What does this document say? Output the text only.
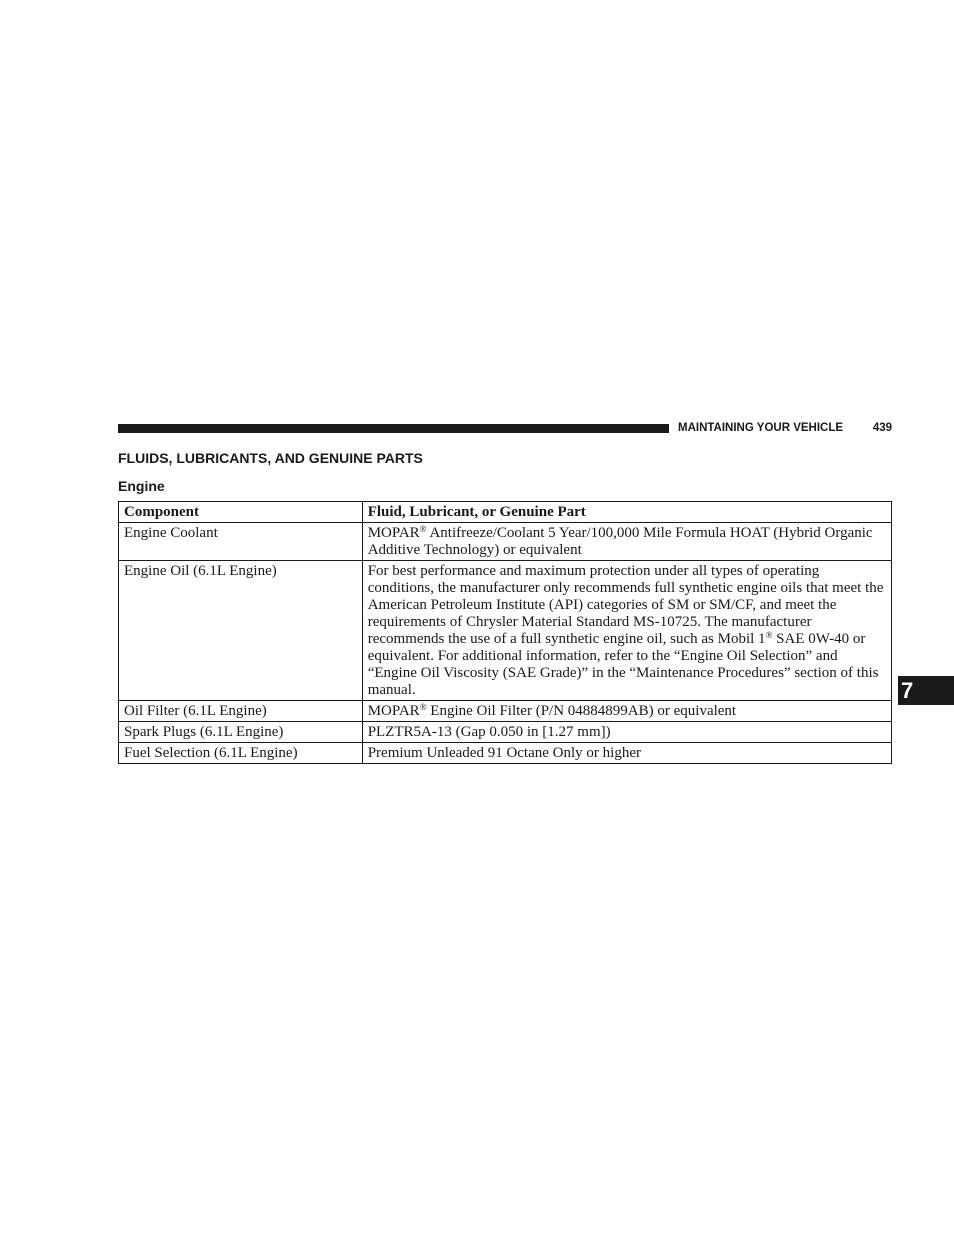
MAINTAINING YOUR VEHICLE	439
FLUIDS, LUBRICANTS, AND GENUINE PARTS
Engine
Component	Fluid, Lubricant, or Genuine Part
Engine Coolant	MOPAR® Antifreeze/Coolant 5 Year/100,000 Mile Formula HOAT (Hybrid Organic Additive Technology) or equivalent
Engine Oil (6.1L Engine)	For best performance and maximum protection under all types of operating conditions, the manufacturer only recommends full synthetic engine oils that meet the American Petroleum Institute (API) categories of SM or SM/CF, and meet the requirements of Chrysler Material Standard MS-10725. The manufacturer recommends the use of a full synthetic engine oil, such as Mobil 1® SAE 0W-40 or equivalent. For additional information, refer to the “Engine Oil Selection” and “Engine Oil Viscosity (SAE Grade)” in the “Maintenance Procedures” section of this manual.
Oil Filter (6.1L Engine)	MOPAR® Engine Oil Filter (P/N 04884899AB) or equivalent
Spark Plugs (6.1L Engine)	PLZTR5A-13 (Gap 0.050 in [1.27 mm])
Fuel Selection (6.1L Engine)	Premium Unleaded 91 Octane Only or higher
7
